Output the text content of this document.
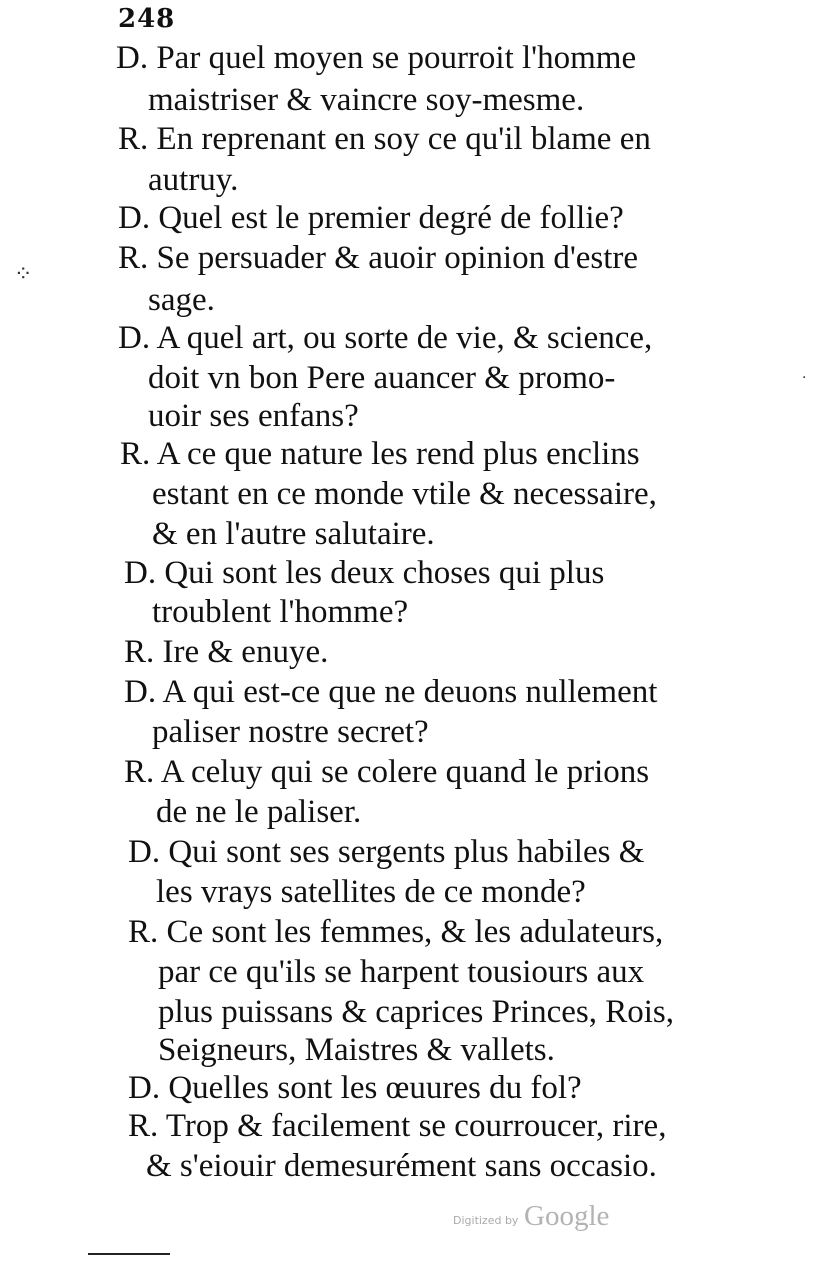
248
D. Par quel moyen se pourroit l'homme
maistriser & vaincre soy-mesme.
R. En reprenant en soy ce qu'il blame en
autruy.
D. Quel est le premier degré de follie?
R. Se persuader & auoir opinion d'estre
sage.
D. A quel art, ou sorte de vie, & science,
doit vn bon Pere auancer & promo-
uoir ses enfans?
R. A ce que nature les rend plus enclins
estant en ce monde vtile & necessaire,
& en l'autre salutaire.
D. Qui sont les deux choses qui plus
troublent l'homme?
R. Ire & enuye.
D. A qui est-ce que ne deuons nullement
paliser nostre secret?
R. A celuy qui se colere quand le prions
de ne le paliser.
D. Qui sont ses sergents plus habiles &
les vrays satellites de ce monde?
R. Ce sont les femmes, & les adulateurs,
par ce qu'ils se harpent tousiours aux
plus puissans & caprices Princes, Rois,
Seigneurs, Maistres & vallets.
D. Quelles sont les œuures du fol?
R. Trop & facilement se courroucer, rire,
& s'eiouir demesurément sans occasio.
⁘
·
Digitized by Google
